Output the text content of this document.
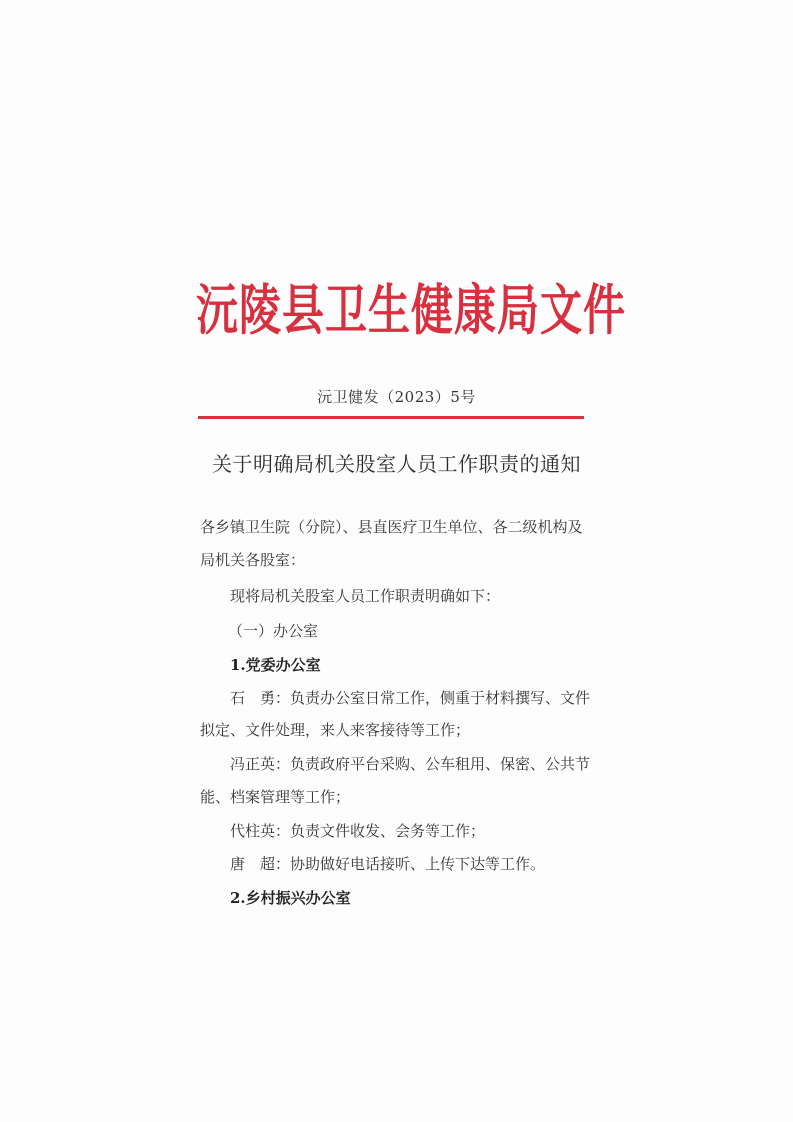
沅陵县卫生健康局文件
沅卫健发（2023）5号
关于明确局机关股室人员工作职责的通知
各乡镇卫生院（分院）、县直医疗卫生单位、各二级机构及
局机关各股室：
现将局机关股室人员工作职责明确如下：
（一）办公室
1.党委办公室
石　勇：负责办公室日常工作，侧重于材料撰写、文件
拟定、文件处理，来人来客接待等工作；
冯正英：负责政府平台采购、公车租用、保密、公共节
能、档案管理等工作；
代柱英：负责文件收发、会务等工作；
唐　超：协助做好电话接听、上传下达等工作。
2.乡村振兴办公室
